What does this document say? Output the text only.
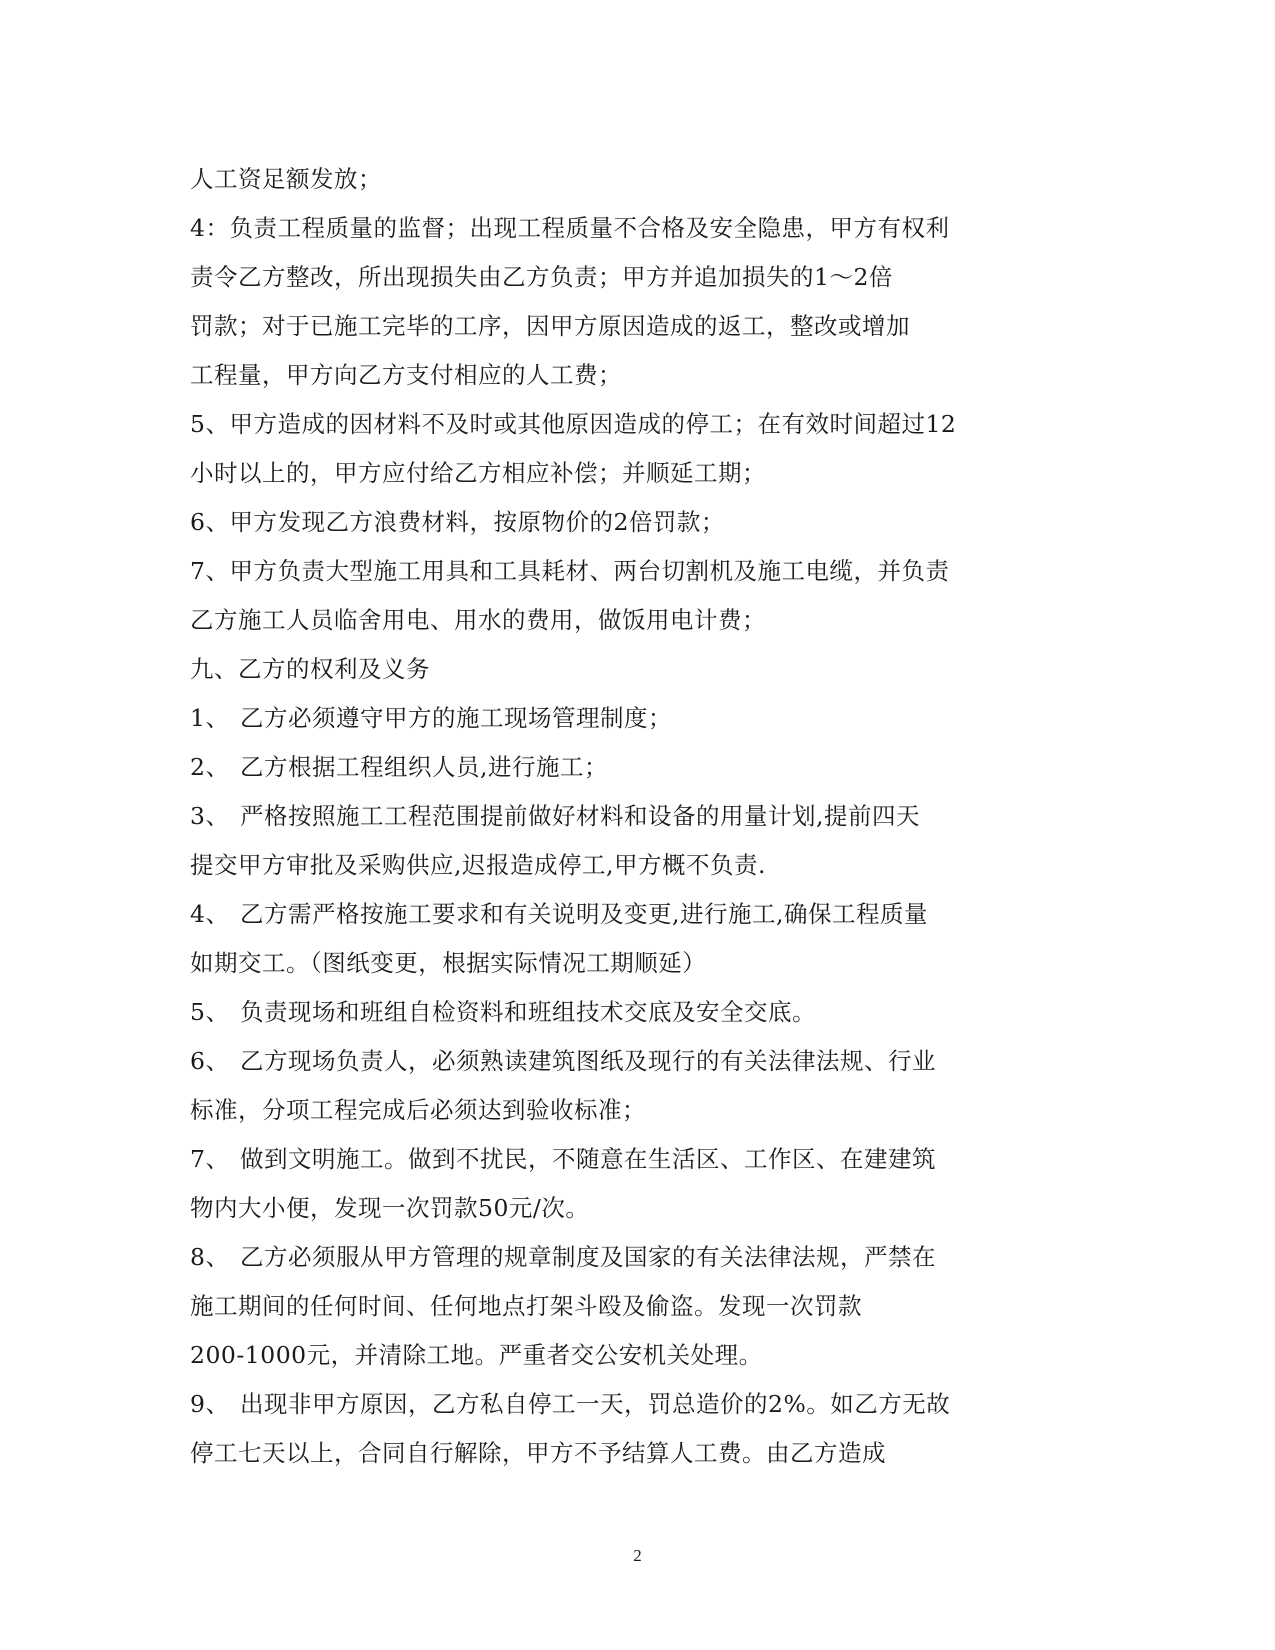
人工资足额发放；
4：负责工程质量的监督；出现工程质量不合格及安全隐患，甲方有权利
责令乙方整改，所出现损失由乙方负责；甲方并追加损失的1～2倍
罚款；对于已施工完毕的工序，因甲方原因造成的返工，整改或增加
工程量，甲方向乙方支付相应的人工费；
5、甲方造成的因材料不及时或其他原因造成的停工；在有效时间超过12
小时以上的，甲方应付给乙方相应补偿；并顺延工期；
6、甲方发现乙方浪费材料，按原物价的2倍罚款；
7、甲方负责大型施工用具和工具耗材、两台切割机及施工电缆，并负责
乙方施工人员临舍用电、用水的费用，做饭用电计费；
九、乙方的权利及义务
1、 乙方必须遵守甲方的施工现场管理制度；
2、 乙方根据工程组织人员,进行施工；
3、 严格按照施工工程范围提前做好材料和设备的用量计划,提前四天
提交甲方审批及采购供应,迟报造成停工,甲方概不负责.
4、 乙方需严格按施工要求和有关说明及变更,进行施工,确保工程质量
如期交工。（图纸变更，根据实际情况工期顺延）
5、 负责现场和班组自检资料和班组技术交底及安全交底。
6、 乙方现场负责人，必须熟读建筑图纸及现行的有关法律法规、行业
标准，分项工程完成后必须达到验收标准；
7、 做到文明施工。做到不扰民，不随意在生活区、工作区、在建建筑
物内大小便，发现一次罚款50元/次。
8、 乙方必须服从甲方管理的规章制度及国家的有关法律法规，严禁在
施工期间的任何时间、任何地点打架斗殴及偷盗。发现一次罚款
200-1000元，并清除工地。严重者交公安机关处理。
9、 出现非甲方原因，乙方私自停工一天，罚总造价的2%。如乙方无故
停工七天以上，合同自行解除，甲方不予结算人工费。由乙方造成
2
